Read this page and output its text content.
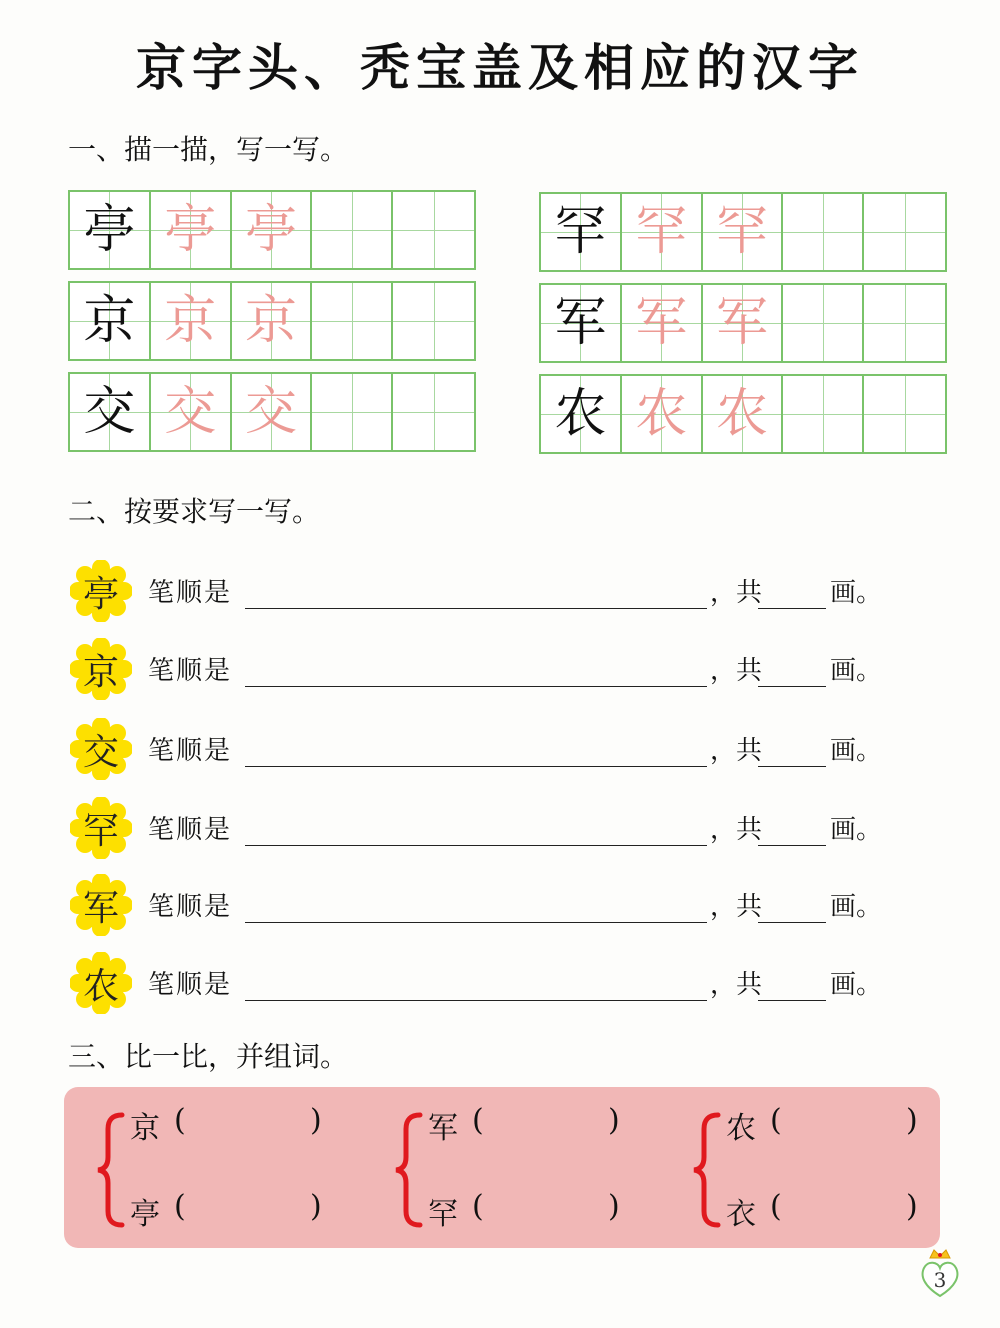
京字头、秃宝盖及相应的汉字
一、描一描，写一写。
亭 亭 亭
京 京 京
交 交 交
罕 罕 罕
军 军 军
农 农 农
二、按要求写一写。
亭	笔顺是	，共	画。
京	笔顺是	，共	画。
交	笔顺是	，共	画。
罕	笔顺是	，共	画。
军	笔顺是	，共	画。
农	笔顺是	，共	画。
三、比一比，并组词。
京 (	)
亭 (	)
军 (	)
罕 (	)
农 (	)
衣 (	)
3
